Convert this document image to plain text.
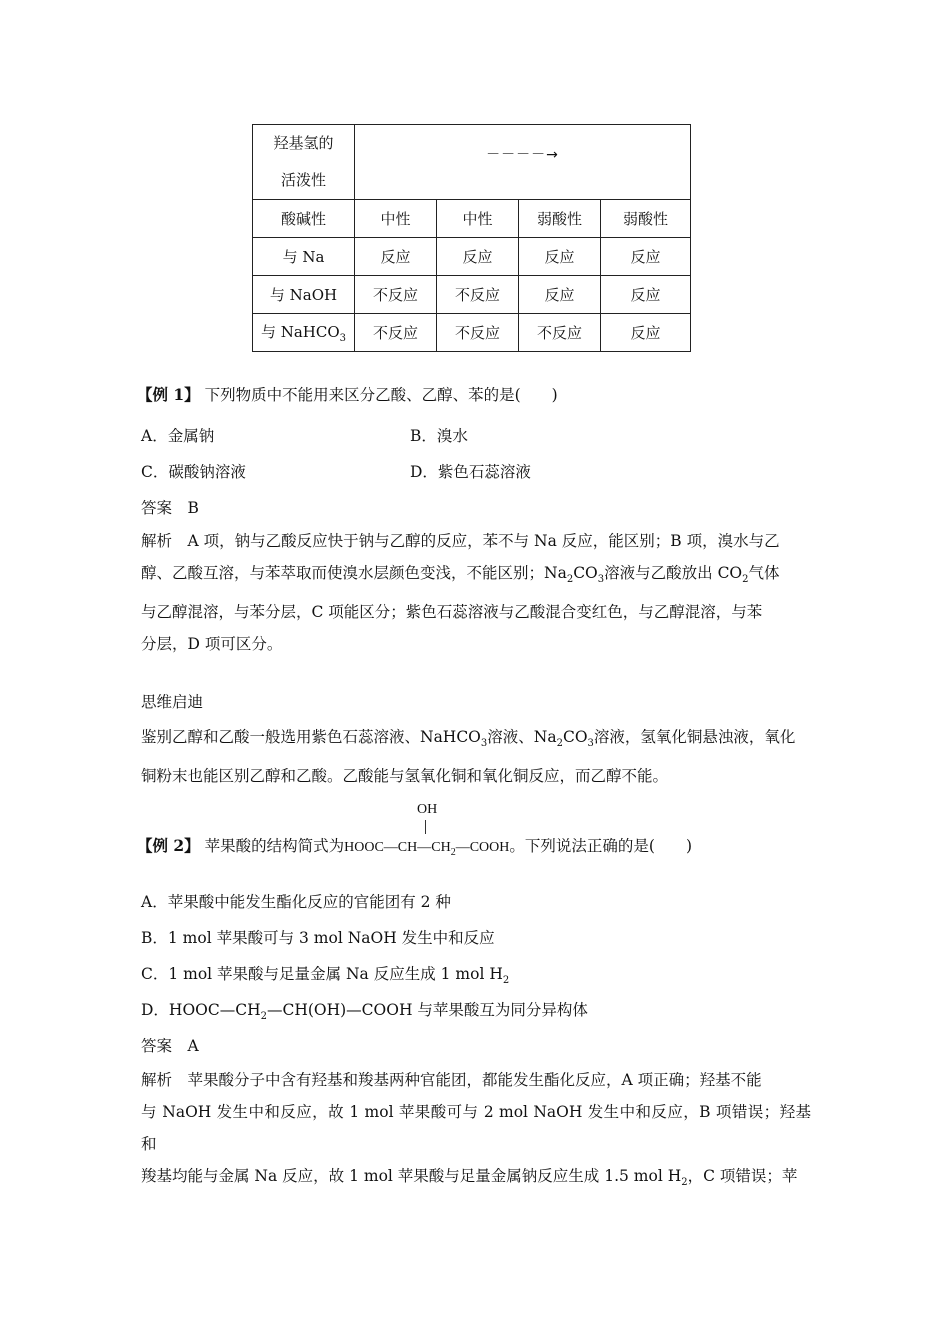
羟基氢的
活泼性	－－－－→			
酸碱性	中性	中性	弱酸性	弱酸性
与 Na	反应	反应	反应	反应
与 NaOH	不反应	不反应	反应	反应
与 NaHCO$_3$	不反应	不反应	不反应	反应
【例 1】 下列物质中不能用来区分乙酸、乙醇、苯的是(　　)
A．金属钠	B．溴水
C．碳酸钠溶液	D．紫色石蕊溶液
答案　B
解析　A 项，钠与乙酸反应快于钠与乙醇的反应，苯不与 Na 反应，能区别；B 项，溴水与乙
醇、乙酸互溶，与苯萃取而使溴水层颜色变浅，不能区别；$Na_2CO_3$溶液与乙酸放出 $CO_2$气体
与乙醇混溶，与苯分层，C 项能区分；紫色石蕊溶液与乙酸混合变红色，与乙醇混溶，与苯
分层，D 项可区分。
思维启迪
鉴别乙醇和乙酸一般选用紫色石蕊溶液、NaHCO$_3$溶液、$Na_2CO_3$溶液，氢氧化铜悬浊液，氧化
铜粉末也能区别乙醇和乙酸。乙酸能与氢氧化铜和氧化铜反应，而乙醇不能。
OH
【例 2】 苹果酸的结构简式为$HOOC—CH—CH_2—COOH$。下列说法正确的是(　　)
A．苹果酸中能发生酯化反应的官能团有 2 种
B．1 mol 苹果酸可与 3 mol NaOH 发生中和反应
C．1 mol 苹果酸与足量金属 Na 反应生成 1 mol $H_2$
D．$HOOC—CH_2—CH(OH)—COOH$ 与苹果酸互为同分异构体
答案　A
解析　苹果酸分子中含有羟基和羧基两种官能团，都能发生酯化反应，A 项正确；羟基不能
与 NaOH 发生中和反应，故 1 mol 苹果酸可与 2 mol NaOH 发生中和反应，B 项错误；羟基和
羧基均能与金属 Na 反应，故 1 mol 苹果酸与足量金属钠反应生成 1.5 mol $H_2$，C 项错误；苹
